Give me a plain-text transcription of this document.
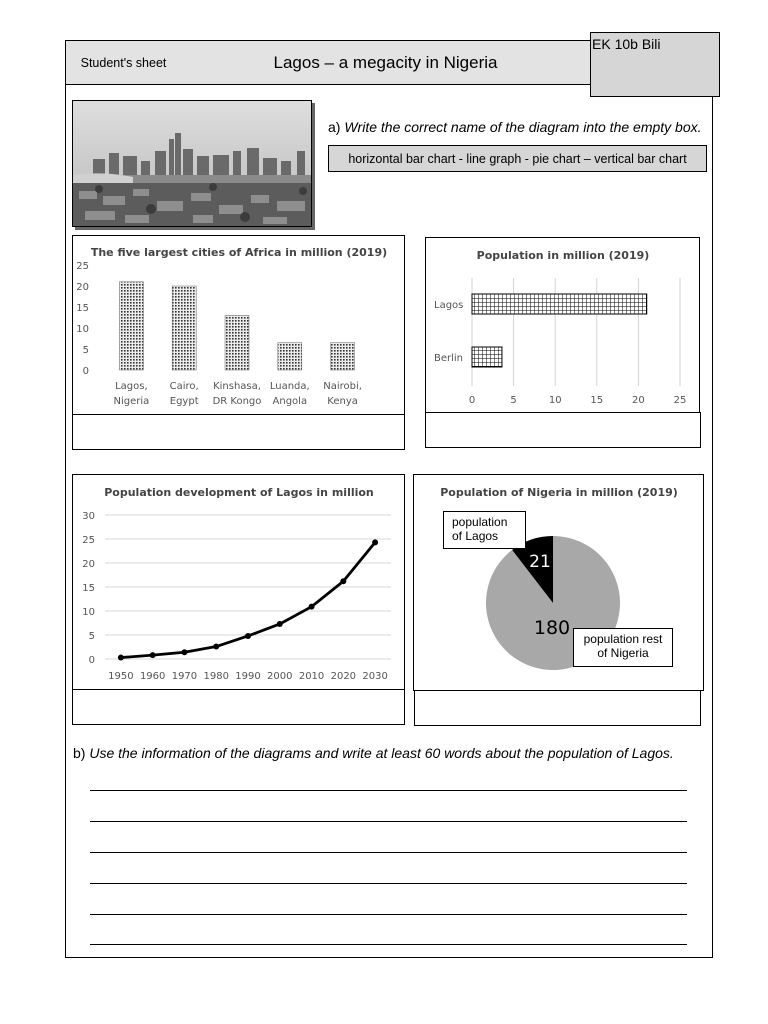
Student's sheet	Lagos – a megacity in Nigeria
EK 10b Bili
a) Write the correct name of the diagram into the empty box.
horizontal bar chart - line graph - pie chart – vertical bar chart
The five largest cities of Africa in million (2019)
0
5
10
15
20
25
Lagos,
Nigeria
Cairo,
Egypt
Kinshasa,
DR Kongo
Luanda,
Angola
Nairobi,
Kenya
Population in million (2019)
0	5	10	15	20	25
Lagos
Berlin
Population development of Lagos in million
0
5
10
15
20
25
30
1950 1960 1970 1980 1990 2000 2010 2020 2030
Population of Nigeria in million (2019)
21
180
population of Lagos
population rest of Nigeria
b) Use the information of the diagrams and write at least 60 words about the population of Lagos.
